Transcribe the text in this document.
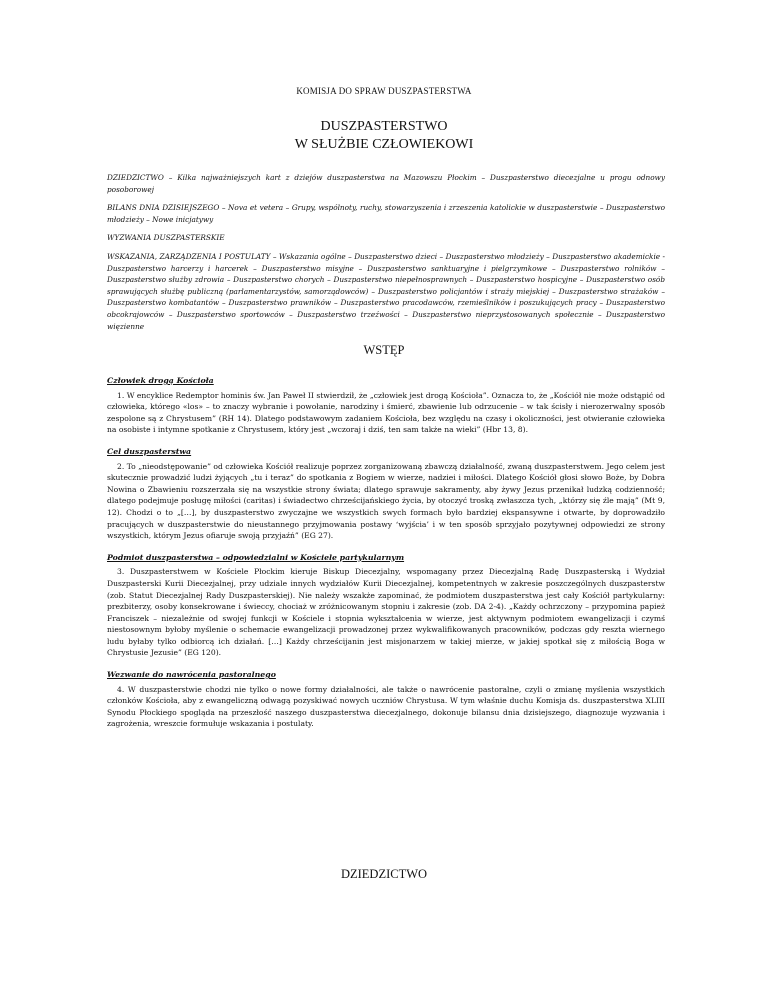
KOMISJA DO SPRAW DUSZPASTERSTWA
DUSZPASTERSTWO
W SŁUŻBIE CZŁOWIEKOWI

DZIEDZICTWO – Kilka najważniejszych kart z dziejów duszpasterstwa na Mazowszu Płockim – Duszpasterstwo diecezjalne u progu odnowy posoborowej

BILANS DNIA DZISIEJSZEGO – Nova et vetera – Grupy, wspólnoty, ruchy, stowarzyszenia i zrzeszenia katolickie w duszpasterstwie – Duszpasterstwo młodzieży – Nowe inicjatywy

WYZWANIA DUSZPASTERSKIE

WSKAZANIA, ZARZĄDZENIA I POSTULATY – Wskazania ogólne – Duszpasterstwo dzieci – Duszpasterstwo młodzieży – Duszpasterstwo akademickie - Duszpasterstwo harcerzy i harcerek – Duszpasterstwo misyjne – Duszpasterstwo sanktuaryjne i pielgrzymkowe – Duszpasterstwo rolników – Duszpasterstwo służby zdrowia – Duszpasterstwo chorych – Duszpasterstwo niepełnosprawnych – Duszpasterstwo hospicyjne – Duszpasterstwo osób sprawujących służbę publiczną (parlamentarzystów, samorządowców) – Duszpasterstwo policjantów i straży miejskiej – Duszpasterstwo strażaków – Duszpasterstwo kombatantów – Duszpasterstwo prawników – Duszpasterstwo pracodawców, rzemieślników i poszukujących pracy – Duszpasterstwo obcokrajowców – Duszpasterstwo sportowców – Duszpasterstwo trzeźwości – Duszpasterstwo nieprzystosowanych społecznie – Duszpasterstwo więzienne

WSTĘP
Człowiek drogą Kościoła

1. W encyklice Redemptor hominis św. Jan Paweł II stwierdził, że „człowiek jest drogą Kościoła”. Oznacza to, że „Kościół nie może odstąpić od człowieka, którego «los» – to znaczy wybranie i powołanie, narodziny i śmierć, zbawienie lub odrzucenie – w tak ścisły i nierozerwalny sposób zespolone są z Chrystusem” (RH 14). Dlatego podstawowym zadaniem Kościoła, bez względu na czasy i okoliczności, jest otwieranie człowieka na osobiste i intymne spotkanie z Chrystusem, który jest „wczoraj i dziś, ten sam także na wieki” (Hbr 13, 8).

Cel duszpasterstwa

2. To „nieodstępowanie” od człowieka Kościół realizuje poprzez zorganizowaną zbawczą działalność, zwaną duszpasterstwem. Jego celem jest skutecznie prowadzić ludzi żyjących „tu i teraz” do spotkania z Bogiem w wierze, nadziei i miłości. Dlatego Kościół głosi słowo Boże, by Dobra Nowina o Zbawieniu rozszerzała się na wszystkie strony świata; dlatego sprawuje sakramenty, aby żywy Jezus przenikał ludzką codzienność; dlatego podejmuje posługę miłości (caritas) i świadectwo chrześcijańskiego życia, by otoczyć troską zwłaszcza tych, „którzy się źle mają” (Mt 9, 12). Chodzi o to „[…], by duszpasterstwo zwyczajne we wszystkich swych formach było bardziej ekspansywne i otwarte, by doprowadziło pracujących w duszpasterstwie do nieustannego przyjmowania postawy ‘wyjścia’ i w ten sposób sprzyjało pozytywnej odpowiedzi ze strony wszystkich, którym Jezus ofiaruje swoją przyjaźń” (EG 27).

Podmiot duszpasterstwa – odpowiedzialni w Kościele partykularnym

3. Duszpasterstwem w Kościele Płockim kieruje Biskup Diecezjalny, wspomagany przez Diecezjalną Radę Duszpasterską i Wydział Duszpasterski Kurii Diecezjalnej, przy udziale innych wydziałów Kurii Diecezjalnej, kompetentnych w zakresie poszczególnych duszpasterstw (zob. Statut Diecezjalnej Rady Duszpasterskiej). Nie należy wszakże zapominać, że podmiotem duszpasterstwa jest cały Kościół partykularny: prezbiterzy, osoby konsekrowane i świeccy, chociaż w zróżnicowanym stopniu i zakresie (zob. DA 2-4). „Każdy ochrzczony – przypomina papież Franciszek – niezależnie od swojej funkcji w Kościele i stopnia wykształcenia w wierze, jest aktywnym podmiotem ewangelizacji i czymś niestosownym byłoby myślenie o schemacie ewangelizacji prowadzonej przez wykwalifikowanych pracowników, podczas gdy reszta wiernego ludu byłaby tylko odbiorcą ich działań. […] Każdy chrześcijanin jest misjonarzem w takiej mierze, w jakiej spotkał się z miłością Boga w Chrystusie Jezusie” (EG 120).

Wezwanie do nawrócenia pastoralnego

4. W duszpasterstwie chodzi nie tylko o nowe formy działalności, ale także o nawrócenie pastoralne, czyli o zmianę myślenia wszystkich członków Kościoła, aby z ewangeliczną odwagą pozyskiwać nowych uczniów Chrystusa. W tym właśnie duchu Komisja ds. duszpasterstwa XLIII Synodu Płockiego spogląda na przeszłość naszego duszpasterstwa diecezjalnego, dokonuje bilansu dnia dzisiejszego, diagnozuje wyzwania i zagrożenia, wreszcie formułuje wskazania i postulaty.

DZIEDZICTWO
